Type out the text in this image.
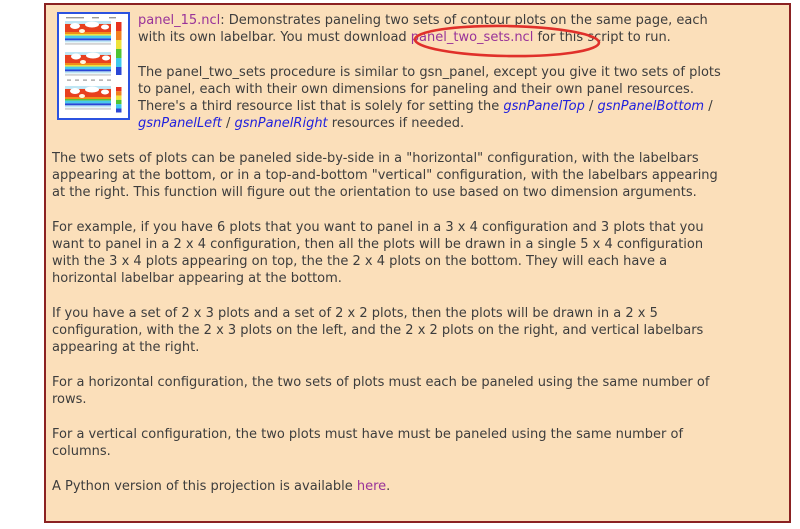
panel_15.ncl: Demonstrates paneling two sets of contour plots on the same page, each
with its own labelbar. You must download panel_two_sets.ncl for this script to run.

The panel_two_sets procedure is similar to gsn_panel, except you give it two sets of plots
to panel, each with their own dimensions for paneling and their own panel resources.
There's a third resource list that is solely for setting the gsnPanelTop / gsnPanelBottom /
gsnPanelLeft / gsnPanelRight resources if needed.

The two sets of plots can be paneled side-by-side in a "horizontal" configuration, with the labelbars
appearing at the bottom, or in a top-and-bottom "vertical" configuration, with the labelbars appearing
at the right. This function will figure out the orientation to use based on two dimension arguments.

For example, if you have 6 plots that you want to panel in a 3 x 4 configuration and 3 plots that you
want to panel in a 2 x 4 configuration, then all the plots will be drawn in a single 5 x 4 configuration
with the 3 x 4 plots appearing on top, the the 2 x 4 plots on the bottom. They will each have a
horizontal labelbar appearing at the bottom.

If you have a set of 2 x 3 plots and a set of 2 x 2 plots, then the plots will be drawn in a 2 x 5
configuration, with the 2 x 3 plots on the left, and the 2 x 2 plots on the right, and vertical labelbars
appearing at the right.

For a horizontal configuration, the two sets of plots must each be paneled using the same number of
rows.

For a vertical configuration, the two plots must have must be paneled using the same number of
columns.

A Python version of this projection is available here.
